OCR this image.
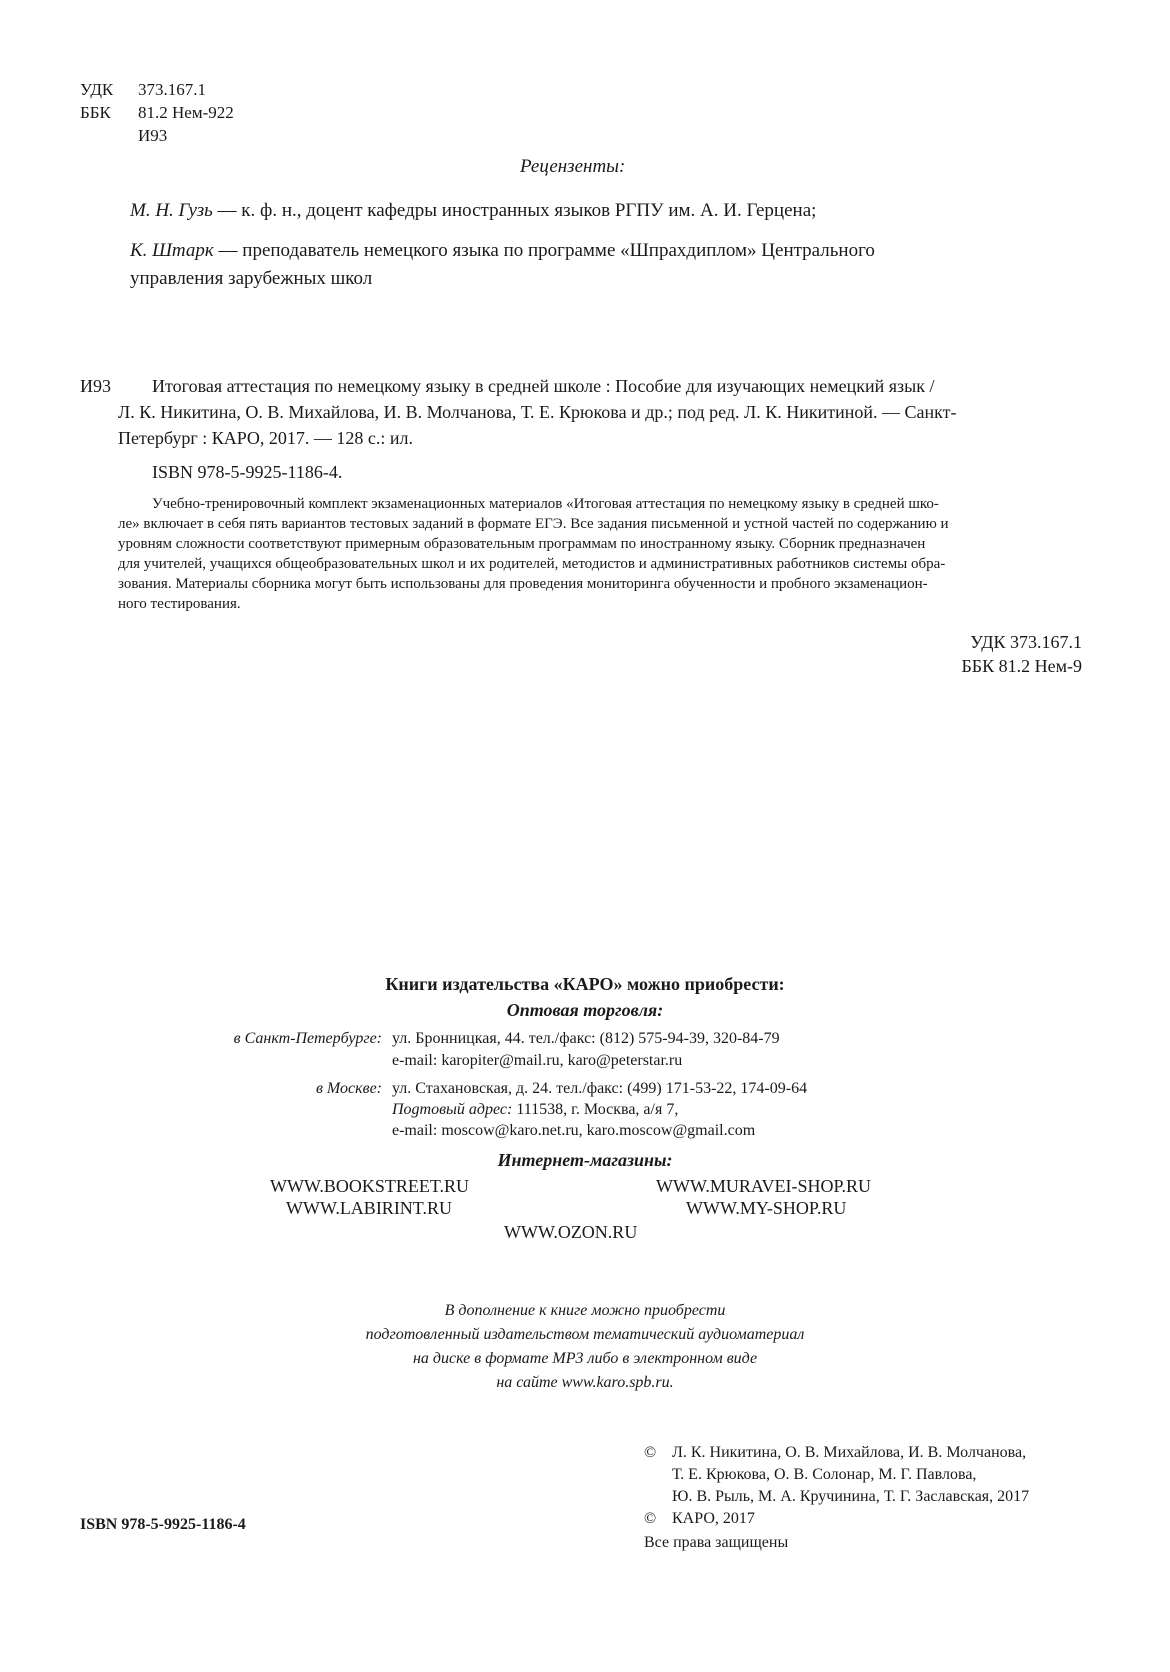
УДК 373.167.1
ББК 81.2 Нем-922
И93
Рецензенты:
М. Н. Гузь — к. ф. н., доцент кафедры иностранных языков РГПУ им. А. И. Герцена;
К. Штарк — преподаватель немецкого языка по программе «Шпрахдиплом» Центрального
управления зарубежных школ
И93 Итоговая аттестация по немецкому языку в средней школе : Пособие для изучающих немецкий язык /
Л. К. Никитина, О. В. Михайлова, И. В. Молчанова, Т. Е. Крюкова и др.; под ред. Л. К. Никитиной. — Санкт-
Петербург : КАРО, 2017. — 128 с.: ил.
ISBN 978-5-9925-1186-4.
Учебно-тренировочный комплект экзаменационных материалов «Итоговая аттестация по немецкому языку в средней шко-
ле» включает в себя пять вариантов тестовых заданий в формате ЕГЭ. Все задания письменной и устной частей по содержанию и
уровням сложности соответствуют примерным образовательным программам по иностранному языку. Сборник предназначен
для учителей, учащихся общеобразовательных школ и их родителей, методистов и административных работников системы обра-
зования. Материалы сборника могут быть использованы для проведения мониторинга обученности и пробного экзаменацион-
ного тестирования.
УДК 373.167.1
ББК 81.2 Нем-9
Книги издательства «КАРО» можно приобрести:
Оптовая торговля:
в Санкт-Петербурге: ул. Бронницкая, 44. тел./факс: (812) 575-94-39, 320-84-79
e-mail: karopiter@mail.ru, karo@peterstar.ru
в Москве: ул. Стахановская, д. 24. тел./факс: (499) 171-53-22, 174-09-64
Поgтовый адрес: 111538, г. Москва, а/я 7,
e-mail: moscow@karo.net.ru, karo.moscow@gmail.com
Интернет-магазины:
WWW.BOOKSTREET.RU	WWW.MURAVEI-SHOP.RU
WWW.LABIRINT.RU	WWW.MY-SHOP.RU
WWW.OZON.RU
В дополнение к книге можно приобрести
подготовленный издательством тематический аудиоматериал
на диске в формате MP3 либо в электронном виде
на сайте www.karo.spb.ru.
© Л. К. Никитина, О. В. Михайлова, И. В. Молчанова,
Т. Е. Крюкова, О. В. Солонар, М. Г. Павлова,
Ю. В. Рыль, М. А. Кручинина, Т. Г. Заславская, 2017
© КАРО, 2017
Все права защищены
ISBN 978-5-9925-1186-4
